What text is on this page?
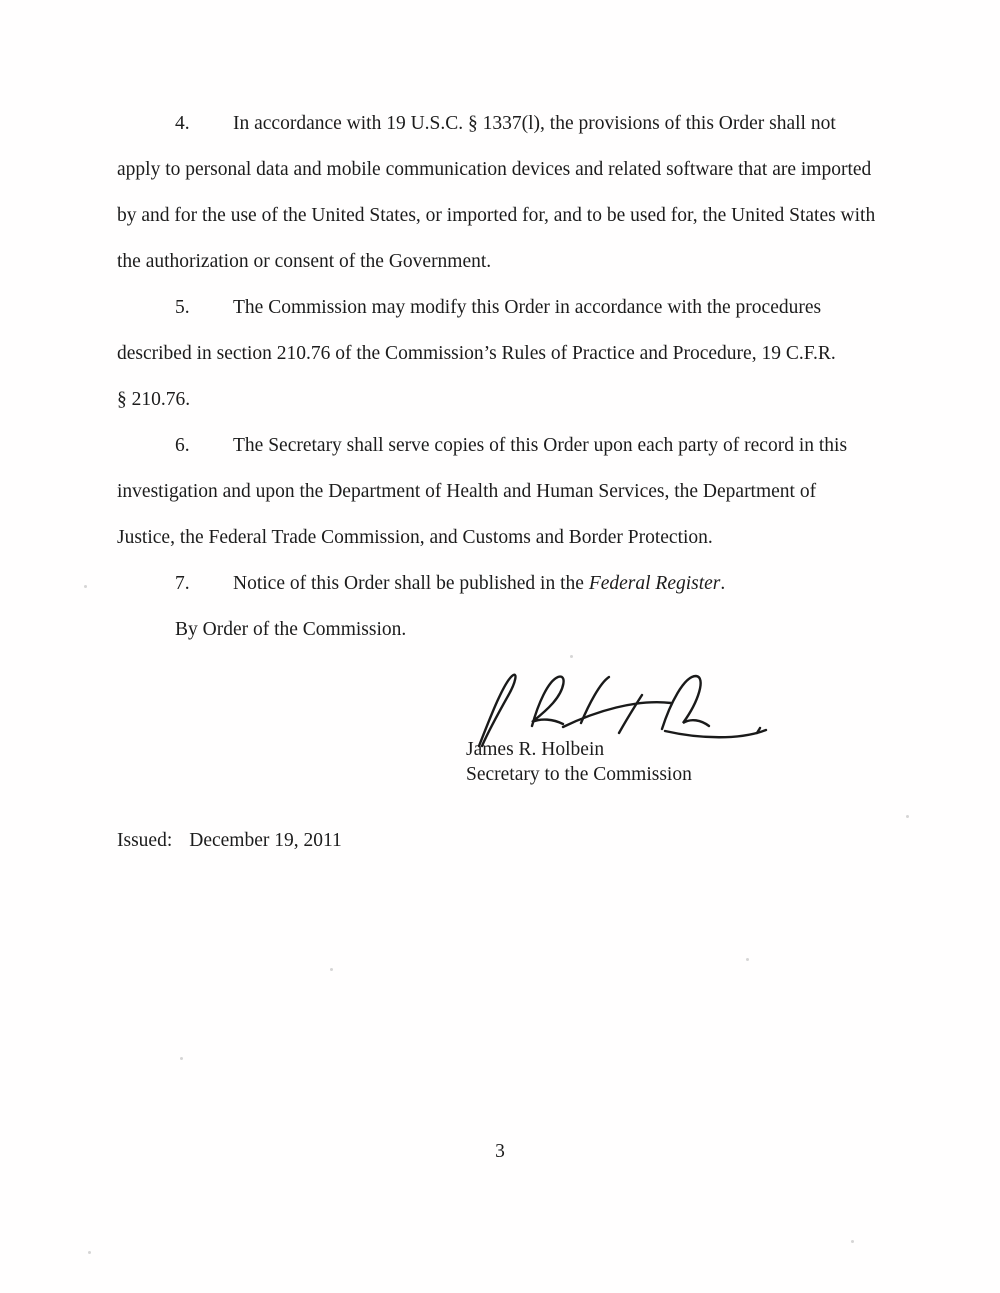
4. In accordance with 19 U.S.C. § 1337(l), the provisions of this Order shall not
apply to personal data and mobile communication devices and related software that are imported
by and for the use of the United States, or imported for, and to be used for, the United States with
the authorization or consent of the Government.

5. The Commission may modify this Order in accordance with the procedures
described in section 210.76 of the Commission’s Rules of Practice and Procedure, 19 C.F.R.
§ 210.76.

6. The Secretary shall serve copies of this Order upon each party of record in this
investigation and upon the Department of Health and Human Services, the Department of
Justice, the Federal Trade Commission, and Customs and Border Protection.

7. Notice of this Order shall be published in the Federal Register.

By Order of the Commission.

James R. Holbein
Secretary to the Commission
Issued: December 19, 2011
3
